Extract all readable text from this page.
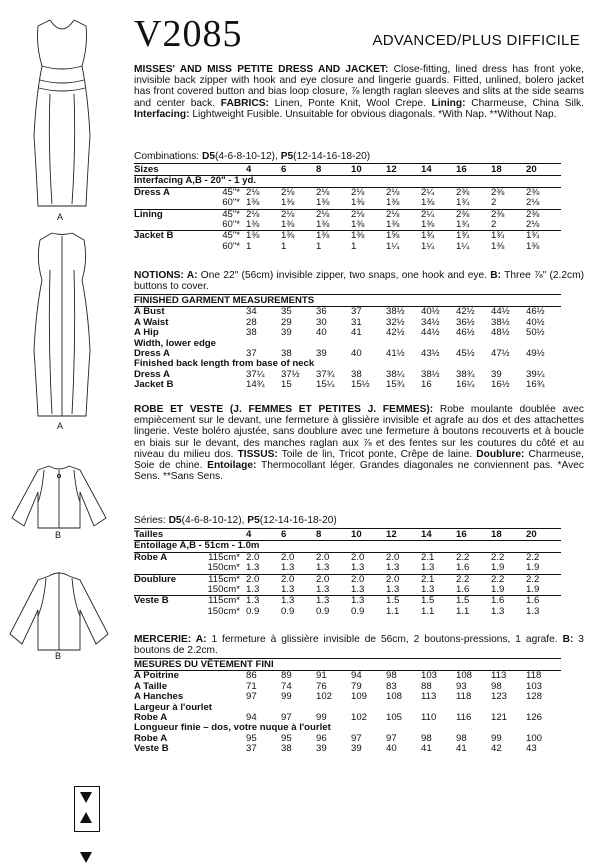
A
A
B
B
V2085	ADVANCED/PLUS DIFFICILE
MISSES' AND MISS PETITE DRESS AND JACKET: Close-fitting, lined dress has front yoke, invisible back zipper with hook and eye closure and lingerie guards. Fitted, unlined, bolero jacket has front covered button and bias loop closure, ⅞ length raglan sleeves and slits at the side seams and center back. FABRICS: Linen, Ponte Knit, Wool Crepe. Lining: Charmeuse, China Silk. Interfacing: Lightweight Fusible. Unsuitable for obvious diagonals. *With Nap. **Without Nap.
Combinations: D5(4-6-8-10-12), P5(12-14-16-18-20)
Sizes		4	6	8	10	12	14	16	18	20
Interfacing A,B - 20" - 1 yd.										
Dress A	45"*	2⅛	2⅛	2⅛	2⅛	2⅛	2¼	2⅜	2⅜	2⅜
	60"*	1⅜	1⅜	1⅜	1⅜	1⅜	1⅜	1¾	2	2⅛
Lining	45"*	2⅛	2⅛	2⅛	2⅛	2⅛	2¼	2⅜	2⅜	2⅜
	60"*	1⅜	1⅜	1⅜	1⅜	1⅜	1⅜	1¾	2	2⅛
Jacket B	45"*	1⅜	1⅜	1⅜	1⅜	1⅝	1¾	1¾	1¾	1¾
	60"*	1	1	1	1	1¼	1¼	1¼	1⅜	1⅜
NOTIONS: A: One 22" (56cm) invisible zipper, two snaps, one hook and eye. B: Three ⅞" (2.2cm) buttons to cover.
FINISHED GARMENT MEASUREMENTS										
A Bust		34	35	36	37	38½	40½	42½	44½	46½
A Waist		28	29	30	31	32½	34½	36½	38½	40½
A Hip		38	39	40	41	42½	44½	46½	48½	50½
Width, lower edge										
Dress A		37	38	39	40	41½	43½	45½	47½	49½
Finished back length from base of neck										
Dress A		37¼	37½	37¾	38	38¼	38½	38¾	39	39¼
Jacket B		14¾	15	15¼	15½	15¾	16	16¼	16½	16¾
ROBE ET VESTE (J. FEMMES ET PETITES J. FEMMES): Robe moulante doublée avec empiècement sur le devant, une fermeture à glissière invisible et agrafe au dos et des attachettes lingerie. Veste boléro ajustée, sans doublure avec une fermeture à boutons recouverts et à boucle en biais sur le devant, des manches raglan aux ⅞ et des fentes sur les coutures du côté et au niveau du milieu dos. TISSUS: Toile de lin, Tricot ponte, Crêpe de laine. Doublure: Charmeuse, Soie de chine. Entoilage: Thermocollant léger. Grandes diagonales ne conviennent pas. *Avec Sens. **Sans Sens.
Séries: D5(4-6-8-10-12), P5(12-14-16-18-20)
Tailles		4	6	8	10	12	14	16	18	20
Entoilage A,B - 51cm - 1.0m										
Robe A	115cm*	2.0	2.0	2.0	2.0	2.0	2.1	2.2	2.2	2.2
	150cm*	1.3	1.3	1.3	1.3	1.3	1.3	1.6	1.9	1.9
Doublure	115cm*	2.0	2.0	2.0	2.0	2.0	2.1	2.2	2.2	2.2
	150cm*	1.3	1.3	1.3	1.3	1.3	1.3	1.6	1.9	1.9
Veste B	115cm*	1.3	1.3	1.3	1.3	1.5	1.5	1.5	1.6	1.6
	150cm*	0.9	0.9	0.9	0.9	1.1	1.1	1.1	1.3	1.3
MERCERIE: A: 1 fermeture à glissière invisible de 56cm, 2 boutons-pressions, 1 agrafe. B: 3 boutons de 2.2cm.
MESURES DU VÊTEMENT FINI										
A Poitrine		86	89	91	94	98	103	108	113	118
A Taille		71	74	76	79	83	88	93	98	103
A Hanches		97	99	102	109	108	113	118	123	128
Largeur à l'ourlet										
Robe A		94	97	99	102	105	110	116	121	126
Longueur finie – dos, votre nuque à l'ourlet										
Robe A		95	95	96	97	97	98	98	99	100
Veste B		37	38	39	39	40	41	41	42	43
